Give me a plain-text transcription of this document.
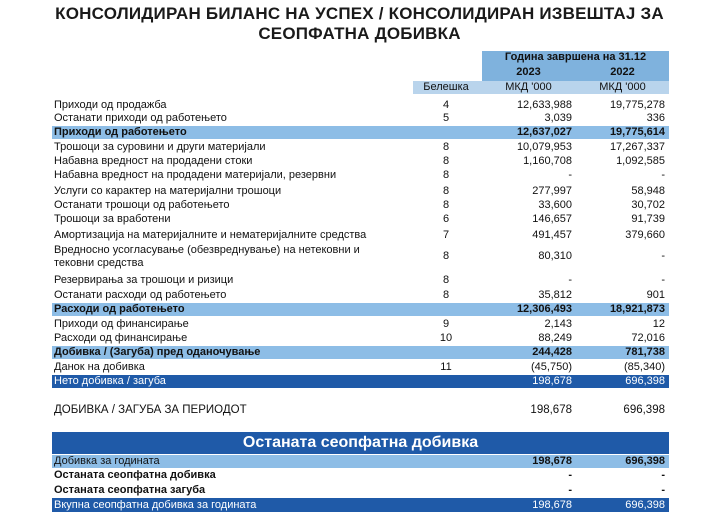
КОНСОЛИДИРАН БИЛАНС НА УСПЕХ / КОНСОЛИДИРАН ИЗВЕШТАЈ ЗА
СЕОПФАТНА ДОБИВКА
Година завршена на 31.12
2023	2022
Белешка	МКД '000	МКД '000
Приходи од продажба	4	12,633,988	19,775,278
Останати приходи од работењето	5	3,039	336
Приходи од работењето	12,637,027	19,775,614
Трошоци за суровини и други материјали	8	10,079,953	17,267,337
Набавна вредност на продадени стоки	8	1,160,708	1,092,585
Набавна вредност на продадени материјали, резервни	8	-	-
Услуги со карактер на материјални трошоци	8	277,997	58,948
Останати трошоци од работењето	8	33,600	30,702
Трошоци за вработени	6	146,657	91,739
Амортизација на материјалните и нематеријалните средства	7	491,457	379,660
Вредносно усогласување (обезвреднување) на нетековни и
тековни средства
8	80,310	-
Резервирања за трошоци и ризици	8	-	-
Останати расходи од работењето	8	35,812	901
Расходи од работењето	12,306,493	18,921,873
Приходи од финансирање	9	2,143	12
Расходи од финансирање	10	88,249	72,016
Добивка / (Загуба) пред оданочување	244,428	781,738
Данок на добивка	11	(45,750)	(85,340)
Нето добивка / загуба	198,678	696,398
ДОБИВКА / ЗАГУБА ЗА ПЕРИОДОТ	198,678	696,398
Останата сеопфатна добивка
Добивка за годината	198,678	696,398
Останата сеопфатна добивка	-	-
Останата сеопфатна загуба	-	-
Вкупна сеопфатна добивка за годината	198,678	696,398
